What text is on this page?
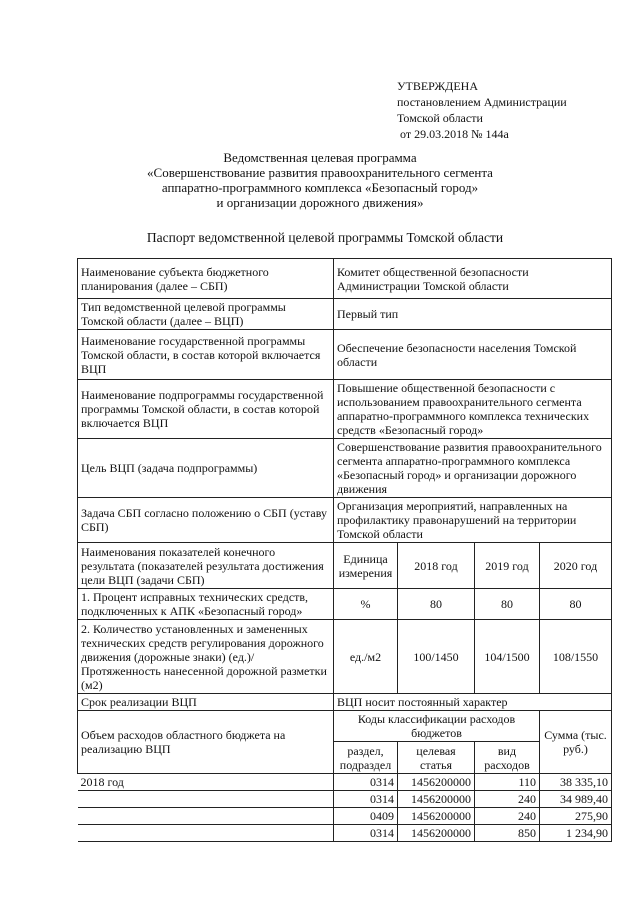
УТВЕРЖДЕНА
постановлением Администрации
Томской области
от 29.03.2018 № 144а
Ведомственная целевая программа
«Совершенствование развития правоохранительного сегмента
аппаратно-программного комплекса «Безопасный город»
и организации дорожного движения»
Паспорт ведомственной целевой программы Томской области
Наименование субъекта бюджетного планирования (далее – СБП)	Комитет общественной безопасности Администрации Томской области			
Тип ведомственной целевой программы Томской области (далее – ВЦП)	Первый тип			
Наименование государственной программы Томской области, в состав которой включается ВЦП	Обеспечение безопасности населения Томской области			
Наименование подпрограммы государственной программы Томской области, в состав которой включается ВЦП	Повышение общественной безопасности с использованием правоохранительного сегмента аппаратно-программного комплекса технических средств «Безопасный город»			
Цель ВЦП (задача подпрограммы)	Совершенствование развития правоохранительного сегмента аппаратно-программного комплекса «Безопасный город» и организации дорожного движения			
Задача СБП согласно положению о СБП (уставу СБП)	Организация мероприятий, направленных на профилактику правонарушений на территории Томской области			
Наименования показателей конечного результата (показателей результата достижения цели ВЦП (задачи СБП)	Единица измерения	2018 год	2019 год	2020 год
1. Процент исправных технических средств, подключенных к АПК «Безопасный город»	%	80	80	80
2. Количество установленных и замененных технических средств регулирования дорожного движения (дорожные знаки) (ед.)/Протяженность нанесенной дорожной разметки (м2)	ед./м2	100/1450	104/1500	108/1550
Срок реализации ВЦП	ВЦП носит постоянный характер			
Объем расходов областного бюджета на реализацию ВЦП	Коды классификации расходов бюджетов			Сумма (тыс. руб.)
	раздел, подраздел	целевая статья	вид расходов	
2018 год	0314	1456200000	110	38 335,10
	0314	1456200000	240	34 989,40
	0409	1456200000	240	275,90
	0314	1456200000	850	1 234,90
